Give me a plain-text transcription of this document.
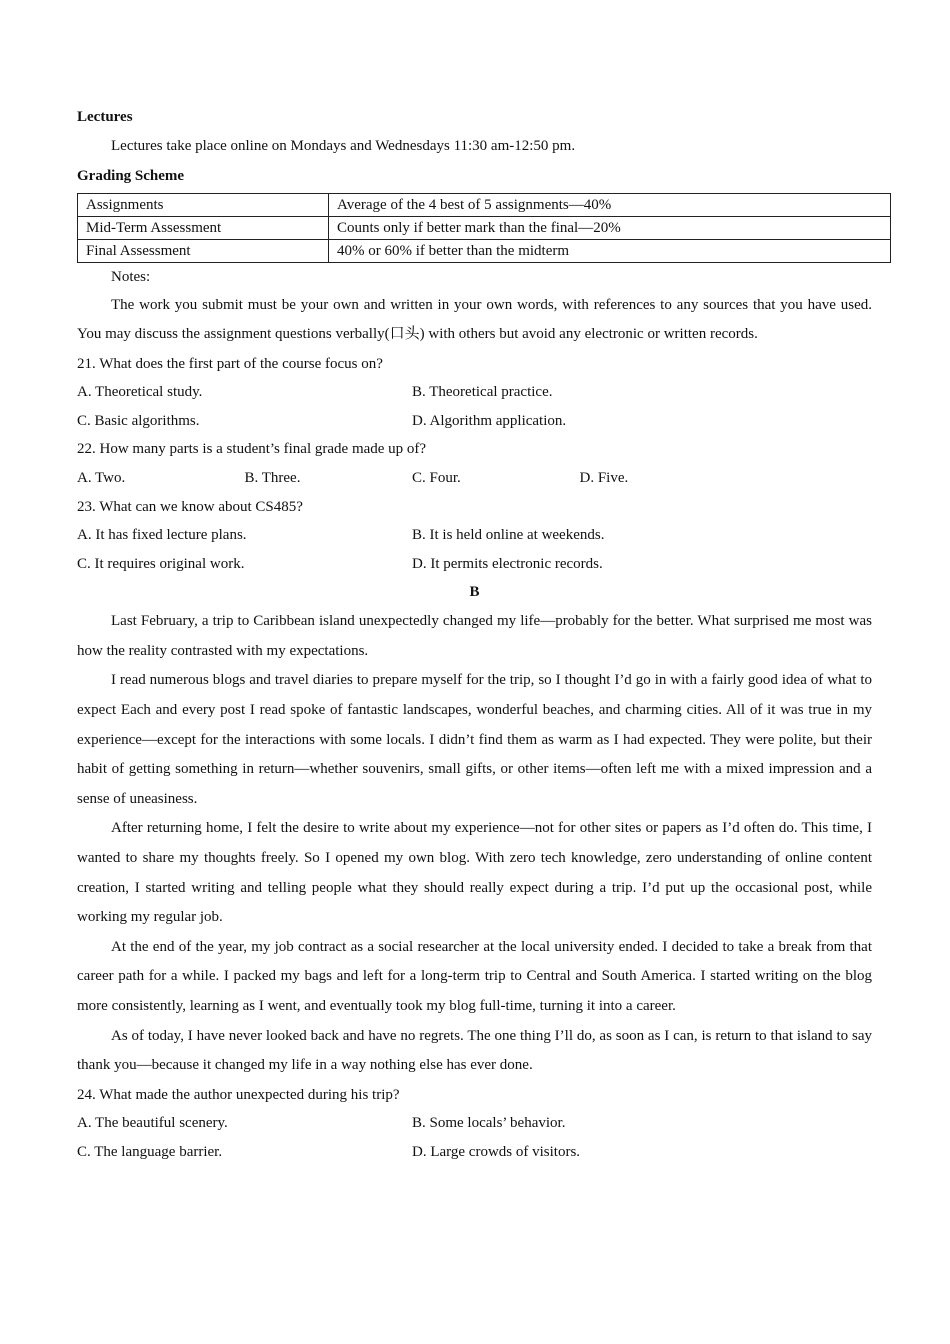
Lectures
Lectures take place online on Mondays and Wednesdays 11:30 am-12:50 pm.
Grading Scheme
Assignments	Average of the 4 best of 5 assignments—40%
Mid-Term Assessment	Counts only if better mark than the final—20%
Final Assessment	40% or 60% if better than the midterm
Notes:
The work you submit must be your own and written in your own words, with references to any sources that you have used. You may discuss the assignment questions verbally(口头) with others but avoid any electronic or written records.
21. What does the first part of the course focus on?
A. Theoretical study.	B. Theoretical practice.
C. Basic algorithms.	D. Algorithm application.
22. How many parts is a student’s final grade made up of?
A. Two.	B. Three.	C. Four.	D. Five.
23. What can we know about CS485?
A. It has fixed lecture plans.	B. It is held online at weekends.
C. It requires original work.	D. It permits electronic records.
B
Last February, a trip to Caribbean island unexpectedly changed my life—probably for the better. What surprised me most was how the reality contrasted with my expectations.
I read numerous blogs and travel diaries to prepare myself for the trip, so I thought I’d go in with a fairly good idea of what to expect Each and every post I read spoke of fantastic landscapes, wonderful beaches, and charming cities. All of it was true in my experience—except for the interactions with some locals. I didn’t find them as warm as I had expected. They were polite, but their habit of getting something in return—whether souvenirs, small gifts, or other items—often left me with a mixed impression and a sense of uneasiness.
After returning home, I felt the desire to write about my experience—not for other sites or papers as I’d often do. This time, I wanted to share my thoughts freely. So I opened my own blog. With zero tech knowledge, zero understanding of online content creation, I started writing and telling people what they should really expect during a trip. I’d put up the occasional post, while working my regular job.
At the end of the year, my job contract as a social researcher at the local university ended. I decided to take a break from that career path for a while. I packed my bags and left for a long-term trip to Central and South America. I started writing on the blog more consistently, learning as I went, and eventually took my blog full-time, turning it into a career.
As of today, I have never looked back and have no regrets. The one thing I’ll do, as soon as I can, is return to that island to say thank you—because it changed my life in a way nothing else has ever done.
24. What made the author unexpected during his trip?
A. The beautiful scenery.	B. Some locals’ behavior.
C. The language barrier.	D. Large crowds of visitors.
